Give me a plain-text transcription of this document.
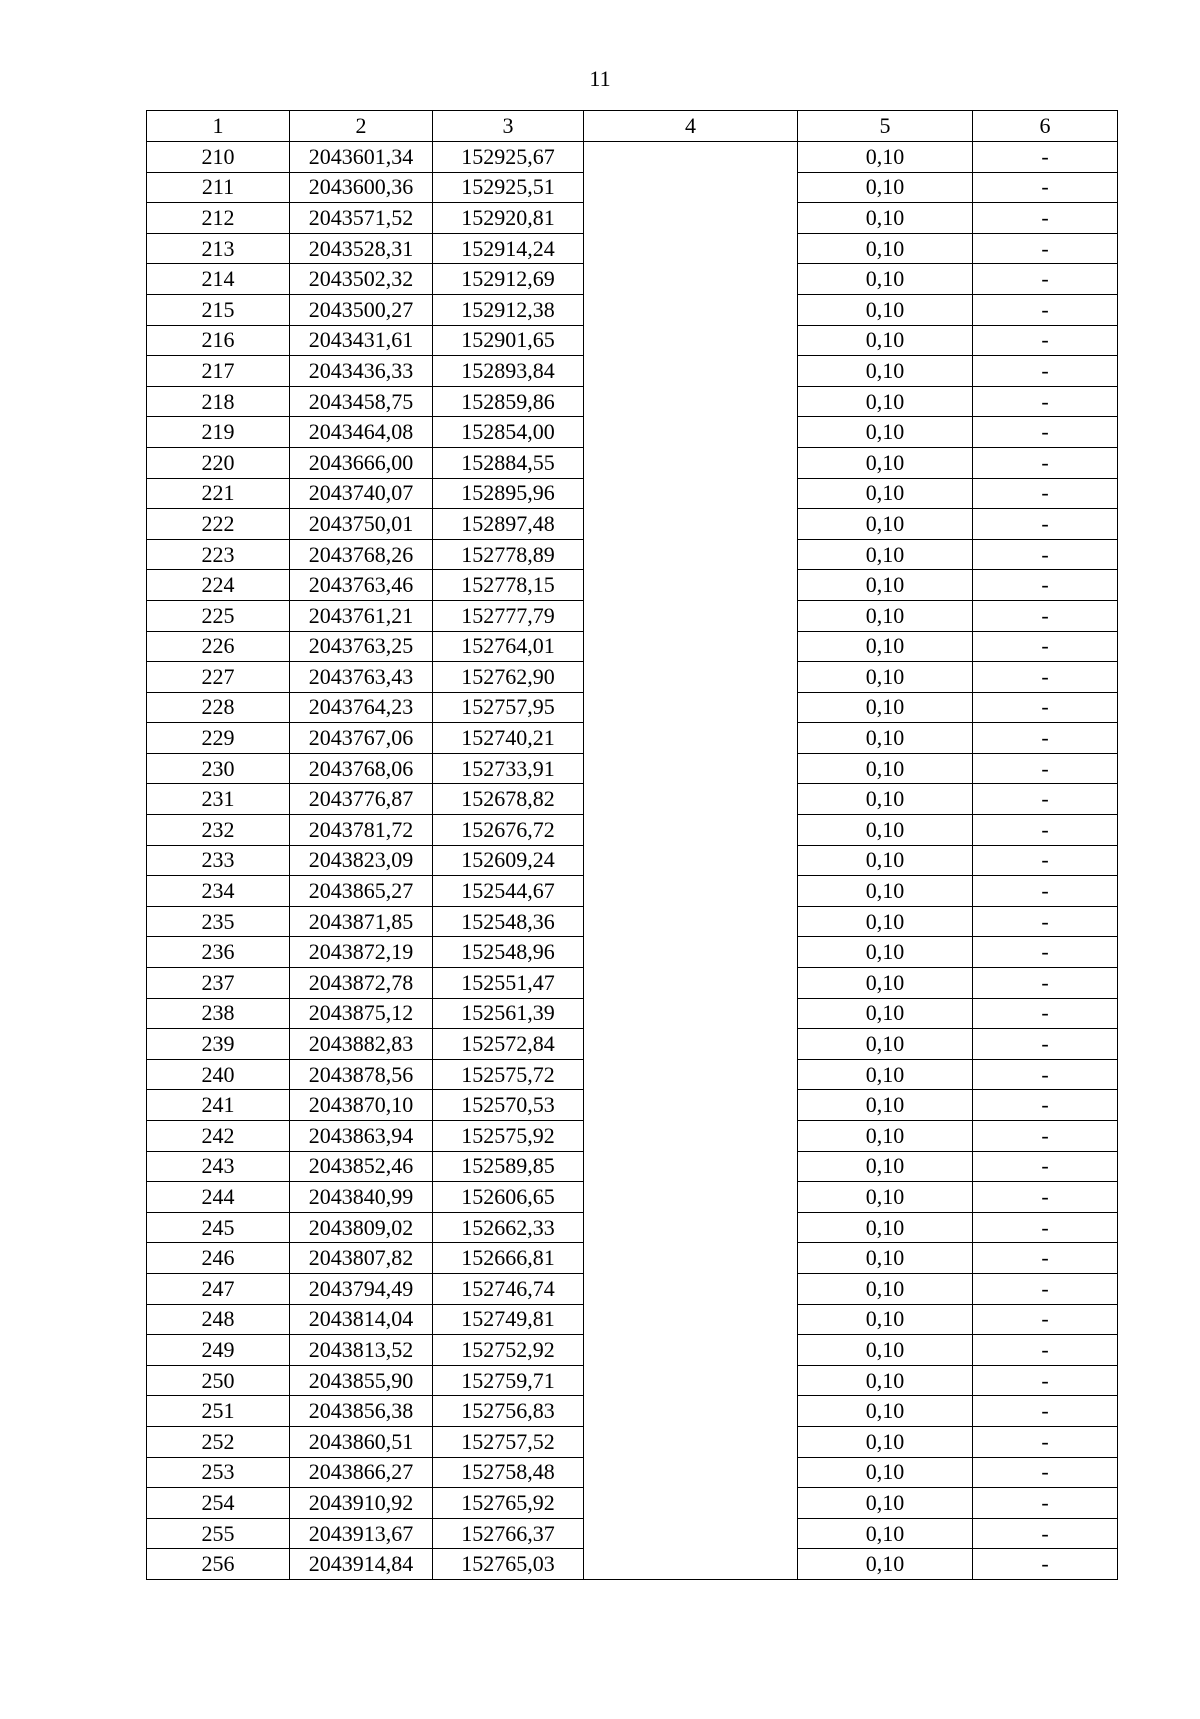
11
1	2	3	4	5	6
210	2043601,34	152925,67		0,10	-
211	2043600,36	152925,51		0,10	-
212	2043571,52	152920,81		0,10	-
213	2043528,31	152914,24		0,10	-
214	2043502,32	152912,69		0,10	-
215	2043500,27	152912,38		0,10	-
216	2043431,61	152901,65		0,10	-
217	2043436,33	152893,84		0,10	-
218	2043458,75	152859,86		0,10	-
219	2043464,08	152854,00		0,10	-
220	2043666,00	152884,55		0,10	-
221	2043740,07	152895,96		0,10	-
222	2043750,01	152897,48		0,10	-
223	2043768,26	152778,89		0,10	-
224	2043763,46	152778,15		0,10	-
225	2043761,21	152777,79		0,10	-
226	2043763,25	152764,01		0,10	-
227	2043763,43	152762,90		0,10	-
228	2043764,23	152757,95		0,10	-
229	2043767,06	152740,21		0,10	-
230	2043768,06	152733,91		0,10	-
231	2043776,87	152678,82		0,10	-
232	2043781,72	152676,72		0,10	-
233	2043823,09	152609,24		0,10	-
234	2043865,27	152544,67		0,10	-
235	2043871,85	152548,36		0,10	-
236	2043872,19	152548,96		0,10	-
237	2043872,78	152551,47		0,10	-
238	2043875,12	152561,39		0,10	-
239	2043882,83	152572,84		0,10	-
240	2043878,56	152575,72		0,10	-
241	2043870,10	152570,53		0,10	-
242	2043863,94	152575,92		0,10	-
243	2043852,46	152589,85		0,10	-
244	2043840,99	152606,65		0,10	-
245	2043809,02	152662,33		0,10	-
246	2043807,82	152666,81		0,10	-
247	2043794,49	152746,74		0,10	-
248	2043814,04	152749,81		0,10	-
249	2043813,52	152752,92		0,10	-
250	2043855,90	152759,71		0,10	-
251	2043856,38	152756,83		0,10	-
252	2043860,51	152757,52		0,10	-
253	2043866,27	152758,48		0,10	-
254	2043910,92	152765,92		0,10	-
255	2043913,67	152766,37		0,10	-
256	2043914,84	152765,03		0,10	-
